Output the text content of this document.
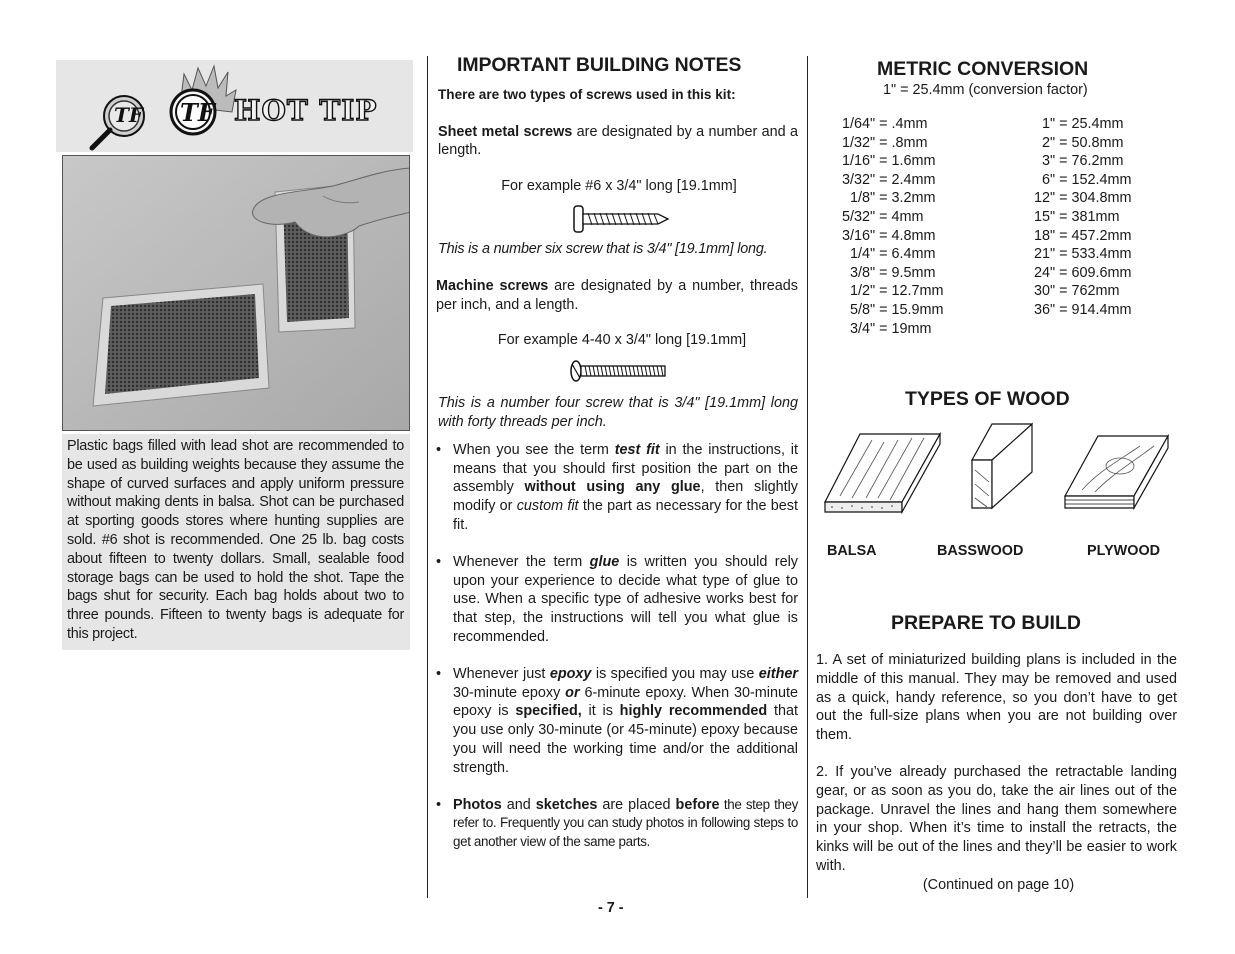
TF TF HOT TIP
Plastic bags filled with lead shot are recommended to be used as building weights because they assume the shape of curved surfaces and apply uniform pressure without making dents in balsa. Shot can be purchased at sporting goods stores where hunting supplies are sold. #6 shot is recommended. One 25 lb. bag costs about fifteen to twenty dollars. Small, sealable food storage bags can be used to hold the shot. Tape the bags shut for security. Each bag holds about two to three pounds. Fifteen to twenty bags is adequate for this project.
IMPORTANT BUILDING NOTES

There are two types of screws used in this kit:

Sheet metal screws are designated by a number and a length.

For example #6 x 3/4" long [19.1mm]

This is a number six screw that is 3/4" [19.1mm] long.

Machine screws are designated by a number, threads per inch, and a length.

For example 4-40 x 3/4" long [19.1mm]

This is a number four screw that is 3/4" [19.1mm] long with forty threads per inch.

• When you see the term test fit in the instructions, it means that you should first position the part on the assembly without using any glue, then slightly modify or custom fit the part as necessary for the best fit.

• Whenever the term glue is written you should rely upon your experience to decide what type of glue to use. When a specific type of adhesive works best for that step, the instructions will tell you what glue is recommended.

• Whenever just epoxy is specified you may use either 30-minute epoxy or 6-minute epoxy. When 30-minute epoxy is specified, it is highly recommended that you use only 30-minute (or 45-minute) epoxy because you will need the working time and/or the additional strength.

• Photos and sketches are placed before the step they refer to. Frequently you can study photos in following steps to get another view of the same parts.

- 7 -
METRIC CONVERSION
1" = 25.4mm (conversion factor)
1/64" = .4mm
1/32" = .8mm
1/16" = 1.6mm
3/32" = 2.4mm
1/8" = 3.2mm
5/32" = 4mm
3/16" = 4.8mm
1/4" = 6.4mm
3/8" = 9.5mm
1/2" = 12.7mm
5/8" = 15.9mm
3/4" = 19mm
1" = 25.4mm
2" = 50.8mm
3" = 76.2mm
6" = 152.4mm
12" = 304.8mm
15" = 381mm
18" = 457.2mm
21" = 533.4mm
24" = 609.6mm
30" = 762mm
36" = 914.4mm
TYPES OF WOOD
BALSA	BASSWOOD	PLYWOOD
PREPARE TO BUILD

1. A set of miniaturized building plans is included in the middle of this manual. They may be removed and used as a quick, handy reference, so you don’t have to get out the full-size plans when you are not building over them.

2. If you’ve already purchased the retractable landing gear, or as soon as you do, take the air lines out of the package. Unravel the lines and hang them somewhere in your shop. When it’s time to install the retracts, the kinks will be out of the lines and they’ll be easier to work with.

(Continued on page 10)
